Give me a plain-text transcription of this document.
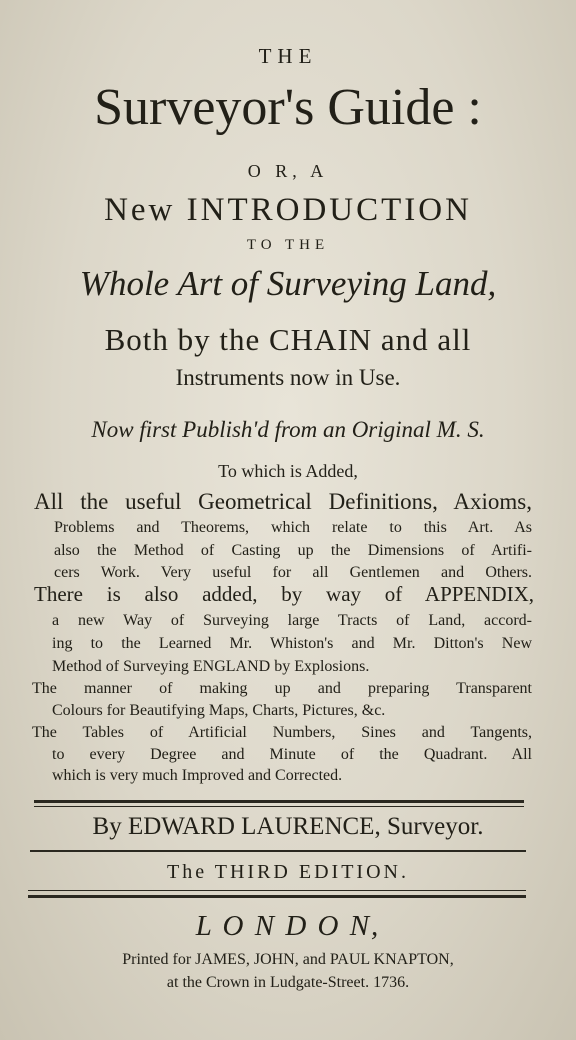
THE
Surveyor's Guide :
O R, A
New INTRODUCTION
TO THE
Whole Art of Surveying Land,
Both by the CHAIN and all
Instruments now in Use.
Now first Publish'd from an Original M. S.
To which is Added,
All the useful Geometrical Definitions, Axioms,
Problems and Theorems, which relate to this Art. As
also the Method of Casting up the Dimensions of Artifi-
cers Work. Very useful for all Gentlemen and Others.
There is also added, by way of APPENDIX,
a new Way of Surveying large Tracts of Land, accord-
ing to the Learned Mr. Whiston's and Mr. Ditton's New
Method of Surveying ENGLAND by Explosions.
The manner of making up and preparing Transparent
Colours for Beautifying Maps, Charts, Pictures, &c.
The Tables of Artificial Numbers, Sines and Tangents,
to every Degree and Minute of the Quadrant. All
which is very much Improved and Corrected.
By EDWARD LAURENCE, Surveyor.
The THIRD EDITION.
L O N D O N,
Printed for JAMES, JOHN, and PAUL KNAPTON,
at the Crown in Ludgate-Street. 1736.
